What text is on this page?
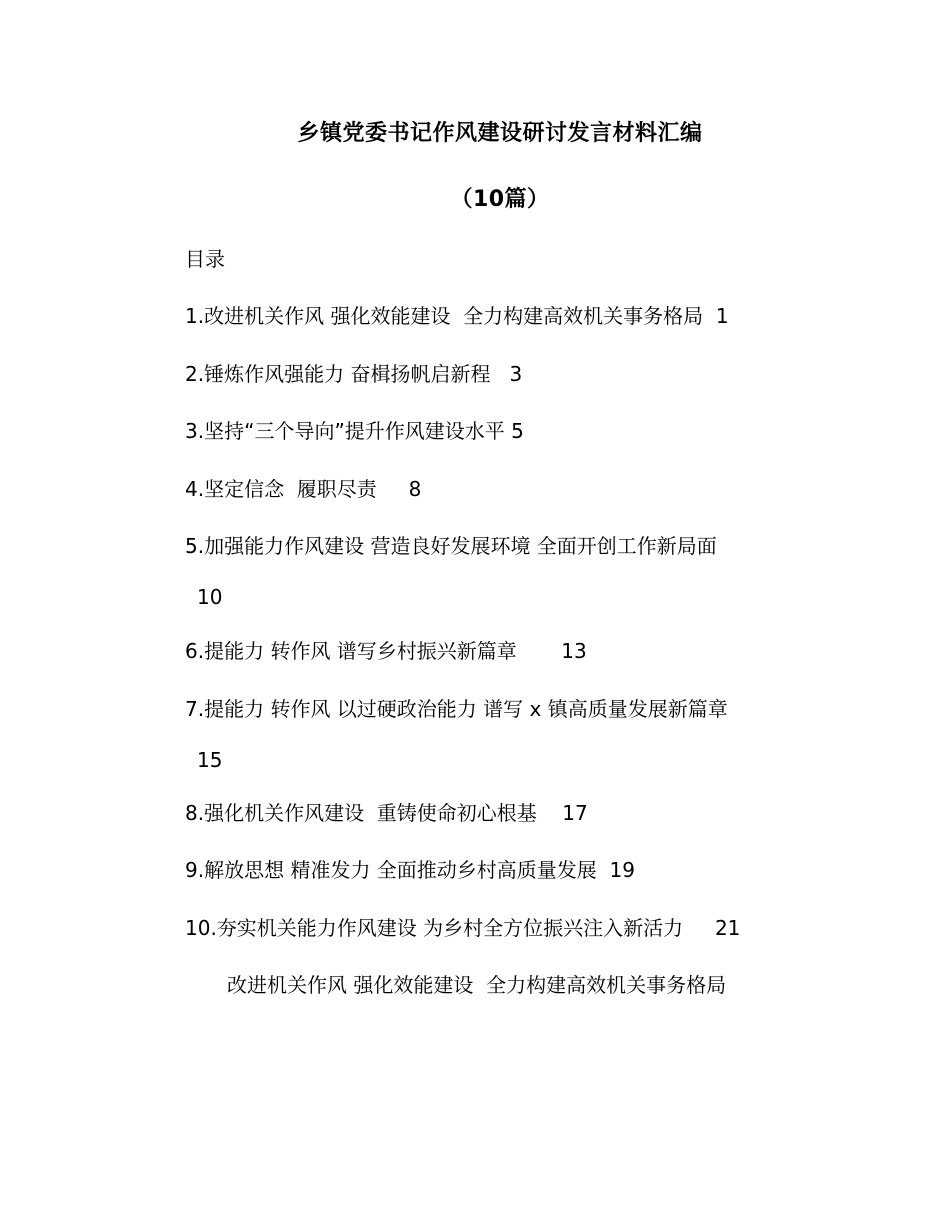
乡镇党委书记作风建设研讨发言材料汇编
（10篇）
目录
1.改进机关作风 强化效能建设  全力构建高效机关事务格局  1
2.锤炼作风强能力 奋楫扬帆启新程   3
3.坚持“三个导向”提升作风建设水平 5
4.坚定信念  履职尽责     8
5.加强能力作风建设 营造良好发展环境 全面开创工作新局面
10
6.提能力 转作风 谱写乡村振兴新篇章       13
7.提能力 转作风 以过硬政治能力 谱写 x 镇高质量发展新篇章
15
8.强化机关作风建设  重铸使命初心根基    17
9.解放思想 精准发力 全面推动乡村高质量发展  19
10.夯实机关能力作风建设 为乡村全方位振兴注入新活力     21
改进机关作风 强化效能建设  全力构建高效机关事务格局
